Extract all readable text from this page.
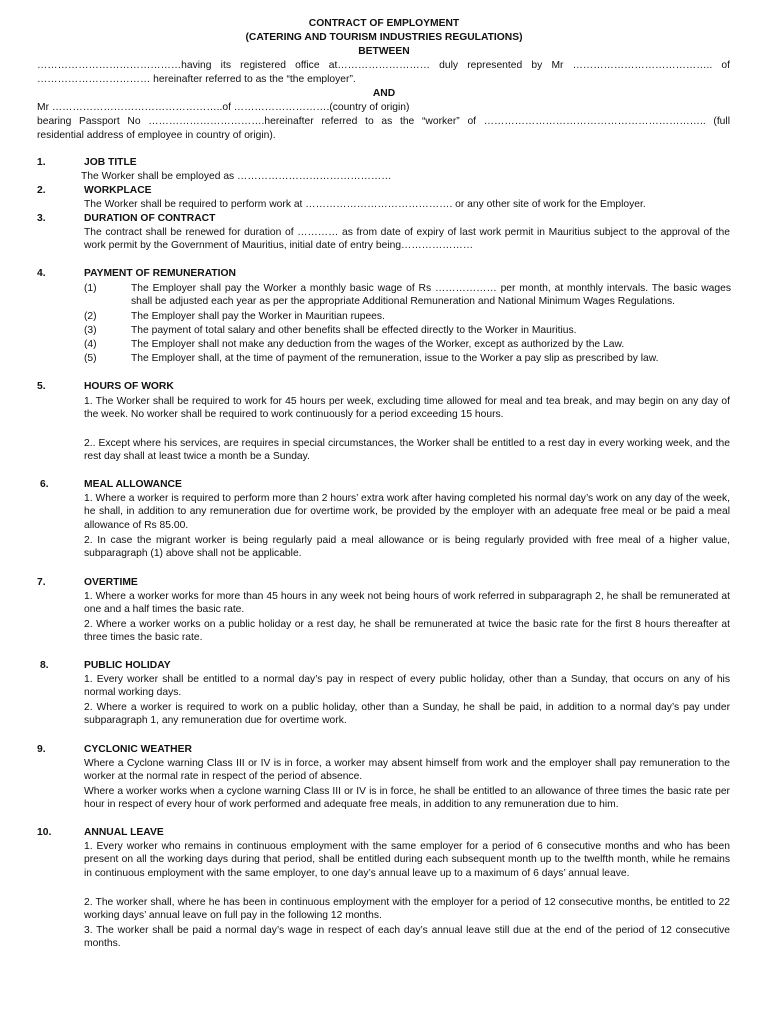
CONTRACT OF EMPLOYMENT
(CATERING AND TOURISM INDUSTRIES REGULATIONS)
BETWEEN
……………………………………having its registered office at……………………… duly represented by Mr ………………………………….. of
…………………………… hereinafter referred to as the “the employer”.
AND
Mr …………………………………………..of ……………………….(country of origin)
bearing Passport No …………………………….hereinafter referred to as the “worker” of ……………………………………………………….. (full
residential address of employee in country of origin).
1.	JOB TITLE
The Worker shall be employed as ………………………………………
2.	WORKPLACE
The Worker shall be required to perform work at ……………………………………. or any other site of work for the Employer.
3.	DURATION OF CONTRACT
The contract shall be renewed for duration of ………… as from date of expiry of last work permit in Mauritius subject to the approval of the work permit by the Government of Mauritius, initial date of entry being…………………
4.	PAYMENT OF REMUNERATION
(1)	The Employer shall pay the Worker a monthly basic wage of Rs ……………… per month, at monthly intervals. The basic wages shall be adjusted each year as per the appropriate Additional Remuneration and National Minimum Wages Regulations.
(2)	The Employer shall pay the Worker in Mauritian rupees.
(3)	The payment of total salary and other benefits shall be effected directly to the Worker in Mauritius.
(4)	The Employer shall not make any deduction from the wages of the Worker, except as authorized by the Law.
(5)	The Employer shall, at the time of payment of the remuneration, issue to the Worker a pay slip as prescribed by law.
5.	HOURS OF WORK
1. The Worker shall be required to work for 45 hours per week, excluding time allowed for meal and tea break, and may begin on any day of the week. No worker shall be required to work continuously for a period exceeding 15 hours.
2.. Except where his services, are requires in special circumstances, the Worker shall be entitled to a rest day in every working week, and the rest day shall at least twice a month be a Sunday.
6.	MEAL ALLOWANCE
1. Where a worker is required to perform more than 2 hours’ extra work after having completed his normal day’s work on any day of the week, he shall, in addition to any remuneration due for overtime work, be provided by the employer with an adequate free meal or be paid a meal allowance of Rs 85.00.
2. In case the migrant worker is being regularly paid a meal allowance or is being regularly provided with free meal of a higher value, subparagraph (1) above shall not be applicable.
7.	OVERTIME
1. Where a worker works for more than 45 hours in any week not being hours of work referred in subparagraph 2, he shall be remunerated at one and a half times the basic rate.
2. Where a worker works on a public holiday or a rest day, he shall be remunerated at twice the basic rate for the first 8 hours thereafter at three times the basic rate.
8.	PUBLIC HOLIDAY
1. Every worker shall be entitled to a normal day’s pay in respect of every public holiday, other than a Sunday, that occurs on any of his normal working days.
2. Where a worker is required to work on a public holiday, other than a Sunday, he shall be paid, in addition to a normal day’s pay under subparagraph 1, any remuneration due for overtime work.
9.	CYCLONIC WEATHER
Where a Cyclone warning Class III or IV is in force, a worker may absent himself from work and the employer shall pay remuneration to the worker at the normal rate in respect of the period of absence.
Where a worker works when a cyclone warning Class III or IV is in force, he shall be entitled to an allowance of three times the basic rate per hour in respect of every hour of work performed and adequate free meals, in addition to any remuneration due to him.
10.	ANNUAL LEAVE
1. Every worker who remains in continuous employment with the same employer for a period of 6 consecutive months and who has been present on all the working days during that period, shall be entitled during each subsequent month up to the twelfth month, while he remains in continuous employment with the same employer, to one day’s annual leave up to a maximum of 6 days’ annual leave.
2. The worker shall, where he has been in continuous employment with the employer for a period of 12 consecutive months, be entitled to 22 working days’ annual leave on full pay in the following 12 months.
3. The worker shall be paid a normal day’s wage in respect of each day’s annual leave still due at the end of the period of 12 consecutive months.
